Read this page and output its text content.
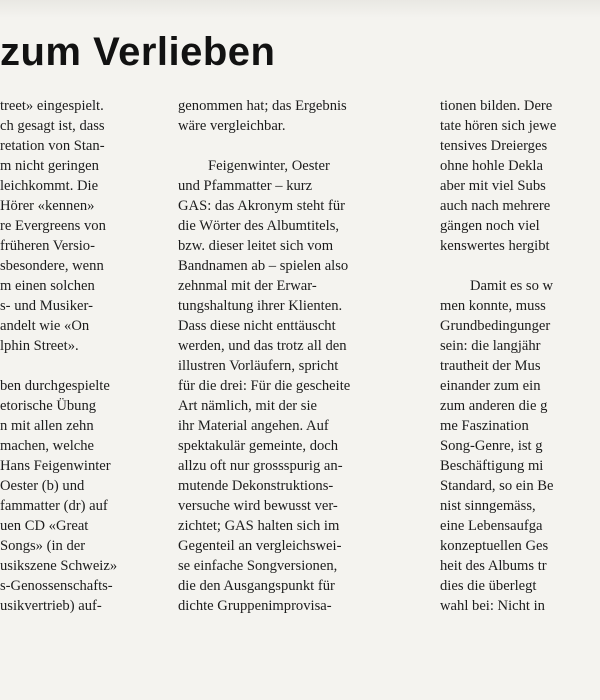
zum Verlieben
treet» eingespielt.
ch gesagt ist, dass
retation von Stan-
m nicht geringen
leichkommt. Die
Hörer «kennen»
re Evergreens von
früheren Versio-
sbesondere, wenn
m einen solchen
s- und Musiker-
andelt wie «On
lphin Street».
ben durchgespielte
etorische Übung
n mit allen zehn
machen, welche
Hans Feigenwinter
Oester (b) und
fammatter (dr) auf
uen CD «Great
Songs» (in der
usikszene Schweiz»
s-Genossenschafts-
usikvertrieb) auf-
genommen hat; das Ergebnis
wäre vergleichbar.
Feigenwinter, Oester
und Pfammatter – kurz
GAS: das Akronym steht für
die Wörter des Albumtitels,
bzw. dieser leitet sich vom
Bandnamen ab – spielen also
zehnmal mit der Erwar-
tungshaltung ihrer Klienten.
Dass diese nicht enttäuscht
werden, und das trotz all den
illustren Vorläufern, spricht
für die drei: Für die gescheite
Art nämlich, mit der sie
ihr Material angehen. Auf
spektakulär gemeinte, doch
allzu oft nur grossspurig an-
mutende Dekonstruktions-
versuche wird bewusst ver-
zichtet; GAS halten sich im
Gegenteil an vergleichswei-
se einfache Songversionen,
die den Ausgangspunkt für
dichte Gruppenimprovisa-
tionen bilden. Dere
tate hören sich jewe
tensives Dreierges
ohne hohle Dekla
aber mit viel Subs
auch nach mehrere
gängen noch viel
kenswertes hergibt
Damit es so w
men konnte, muss
Grundbedingunger
sein: die langjähr
trautheit der Mus
einander zum ein
zum anderen die g
me Faszination
Song-Genre, ist g
Beschäftigung mi
Standard, so ein Be
nist sinngemäss,
eine Lebensaufga
konzeptuellen Ges
heit des Albums tr
dies die überlegt
wahl bei: Nicht in
